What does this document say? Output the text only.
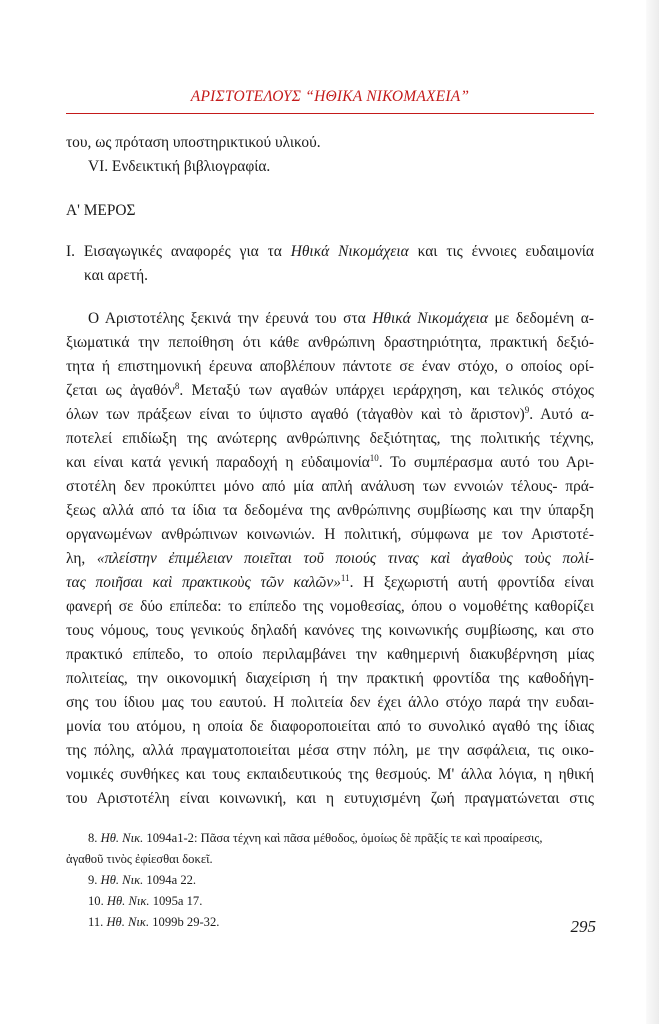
ΑΡΙΣΤΟΤΕΛΟΥΣ “ΗΘΙΚΑ ΝΙΚΟΜΑΧΕΙΑ”
του, ως πρόταση υποστηρικτικού υλικού.
VI. Ενδεικτική βιβλιογραφία.
Α' ΜΕΡΟΣ
Ι. Εισαγωγικές αναφορές για τα Ηθικά Νικομάχεια και τις έννοιες ευδαιμονία
και αρετή.
Ο Αριστοτέλης ξεκινά την έρευνά του στα Ηθικά Νικομάχεια με δεδομένη α-
ξιωματικά την πεποίθηση ότι κάθε ανθρώπινη δραστηριότητα, πρακτική δεξιό-
τητα ή επιστημονική έρευνα αποβλέπουν πάντοτε σε έναν στόχο, ο οποίος ορί-
ζεται ως ἀγαθόν$^8$. Μεταξύ των αγαθών υπάρχει ιεράρχηση, και τελικός στόχος
όλων των πράξεων είναι το ύψιστο αγαθό (τἀγαθὸν καὶ τὸ ἄριστον)$^9$. Αυτό α-
ποτελεί επιδίωξη της ανώτερης ανθρώπινης δεξιότητας, της πολιτικής τέχνης,
και είναι κατά γενική παραδοχή η εὐδαιμονία$^{10}$. Το συμπέρασμα αυτό του Αρι-
στοτέλη δεν προκύπτει μόνο από μία απλή ανάλυση των εννοιών τέλους- πρά-
ξεως αλλά από τα ίδια τα δεδομένα της ανθρώπινης συμβίωσης και την ύπαρξη
οργανωμένων ανθρώπινων κοινωνιών. Η πολιτική, σύμφωνα με τον Αριστοτέ-
λη, «πλείστην ἐπιμέλειαν ποιεῖται τοῦ ποιούς τινας καὶ ἀγαθοὺς τοὺς πολί-
τας ποιῆσαι καὶ πρακτικοὺς τῶν καλῶν»$^{11}$. Η ξεχωριστή αυτή φροντίδα είναι
φανερή σε δύο επίπεδα: το επίπεδο της νομοθεσίας, όπου ο νομοθέτης καθορίζει
τους νόμους, τους γενικούς δηλαδή κανόνες της κοινωνικής συμβίωσης, και στο
πρακτικό επίπεδο, το οποίο περιλαμβάνει την καθημερινή διακυβέρνηση μίας
πολιτείας, την οικονομική διαχείριση ή την πρακτική φροντίδα της καθοδήγη-
σης του ίδιου μας του εαυτού. Η πολιτεία δεν έχει άλλο στόχο παρά την ευδαι-
μονία του ατόμου, η οποία δε διαφοροποιείται από το συνολικό αγαθό της ίδιας
της πόλης, αλλά πραγματοποιείται μέσα στην πόλη, με την ασφάλεια, τις οικο-
νομικές συνθήκες και τους εκπαιδευτικούς της θεσμούς. Μ' άλλα λόγια, η ηθική
του Αριστοτέλη είναι κοινωνική, και η ευτυχισμένη ζωή πραγματώνεται στις
8. Ηθ. Νικ. 1094a1-2: Πᾶσα τέχνη καὶ πᾶσα μέθοδος, ὁμοίως δὲ πρᾶξίς τε καὶ προαίρεσις,
ἀγαθοῦ τινὸς ἐφίεσθαι δοκεῖ.
9. Ηθ. Νικ. 1094a 22.
10. Ηθ. Νικ. 1095a 17.
11. Ηθ. Νικ. 1099b 29-32.	295
